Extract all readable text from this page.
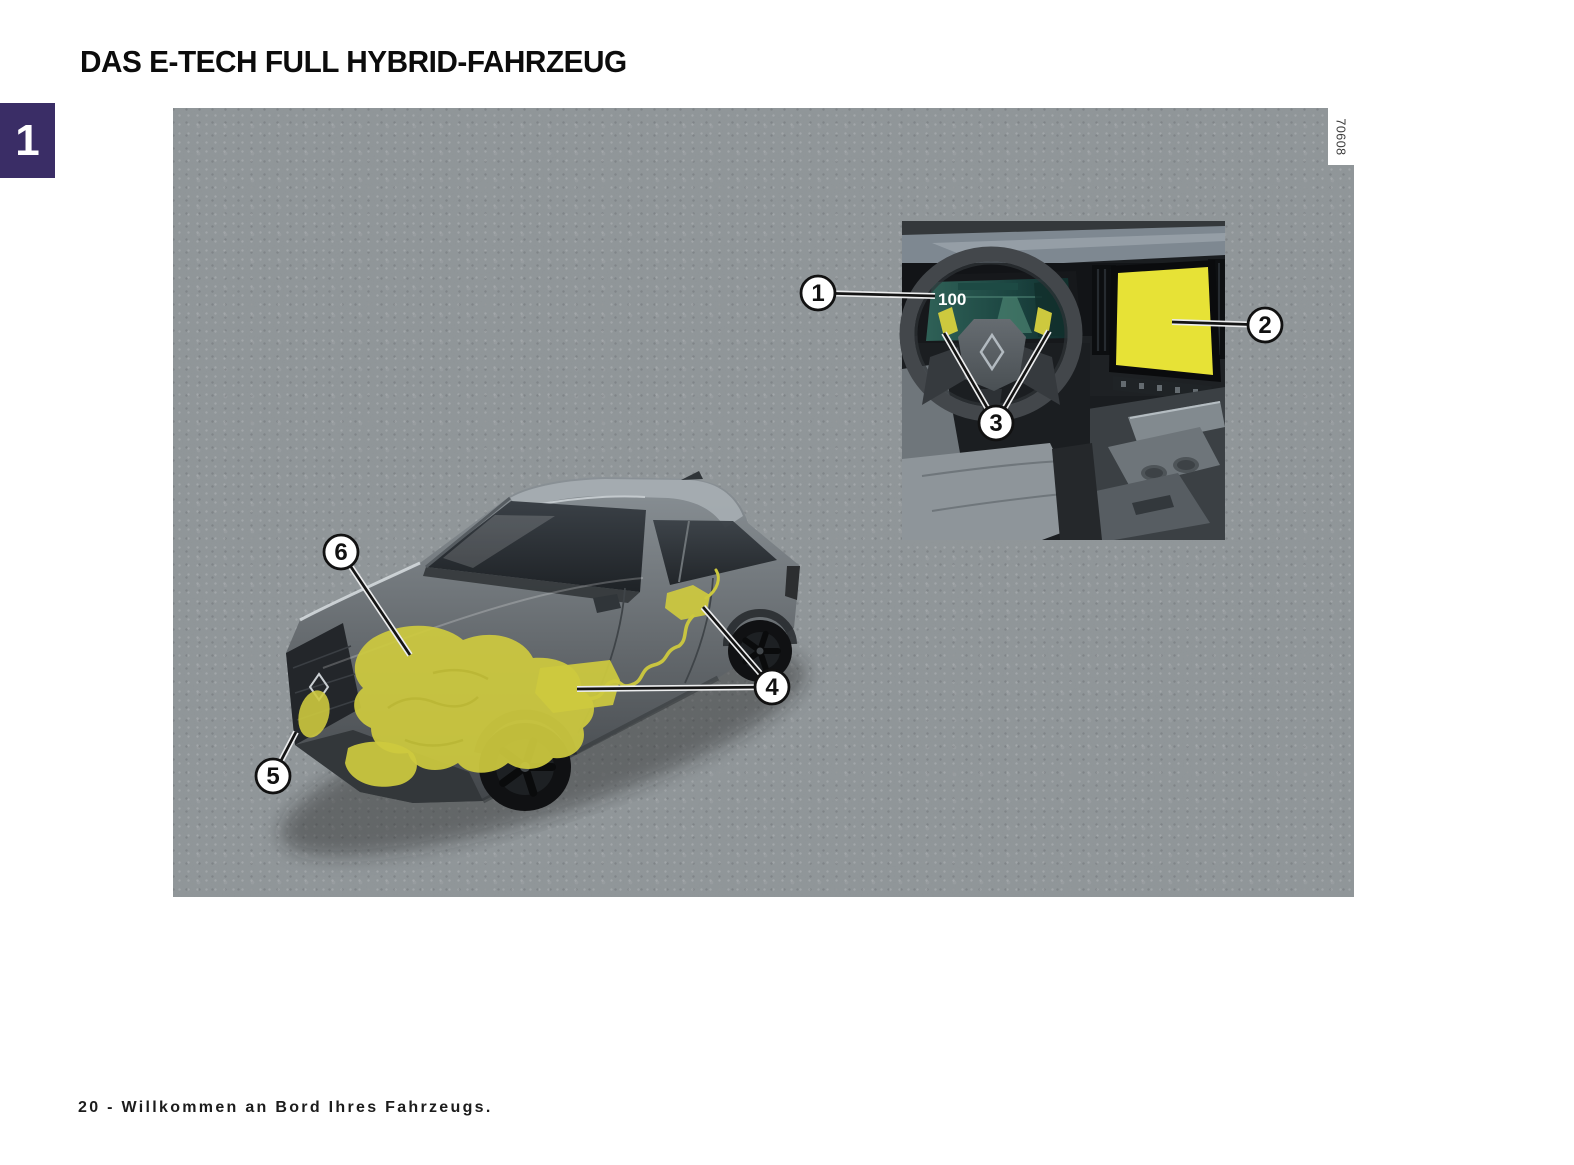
DAS E-TECH FULL HYBRID-FAHRZEUG
1
100
1
2
3
4
5
6
70608
20 - Willkommen an Bord Ihres Fahrzeugs.
